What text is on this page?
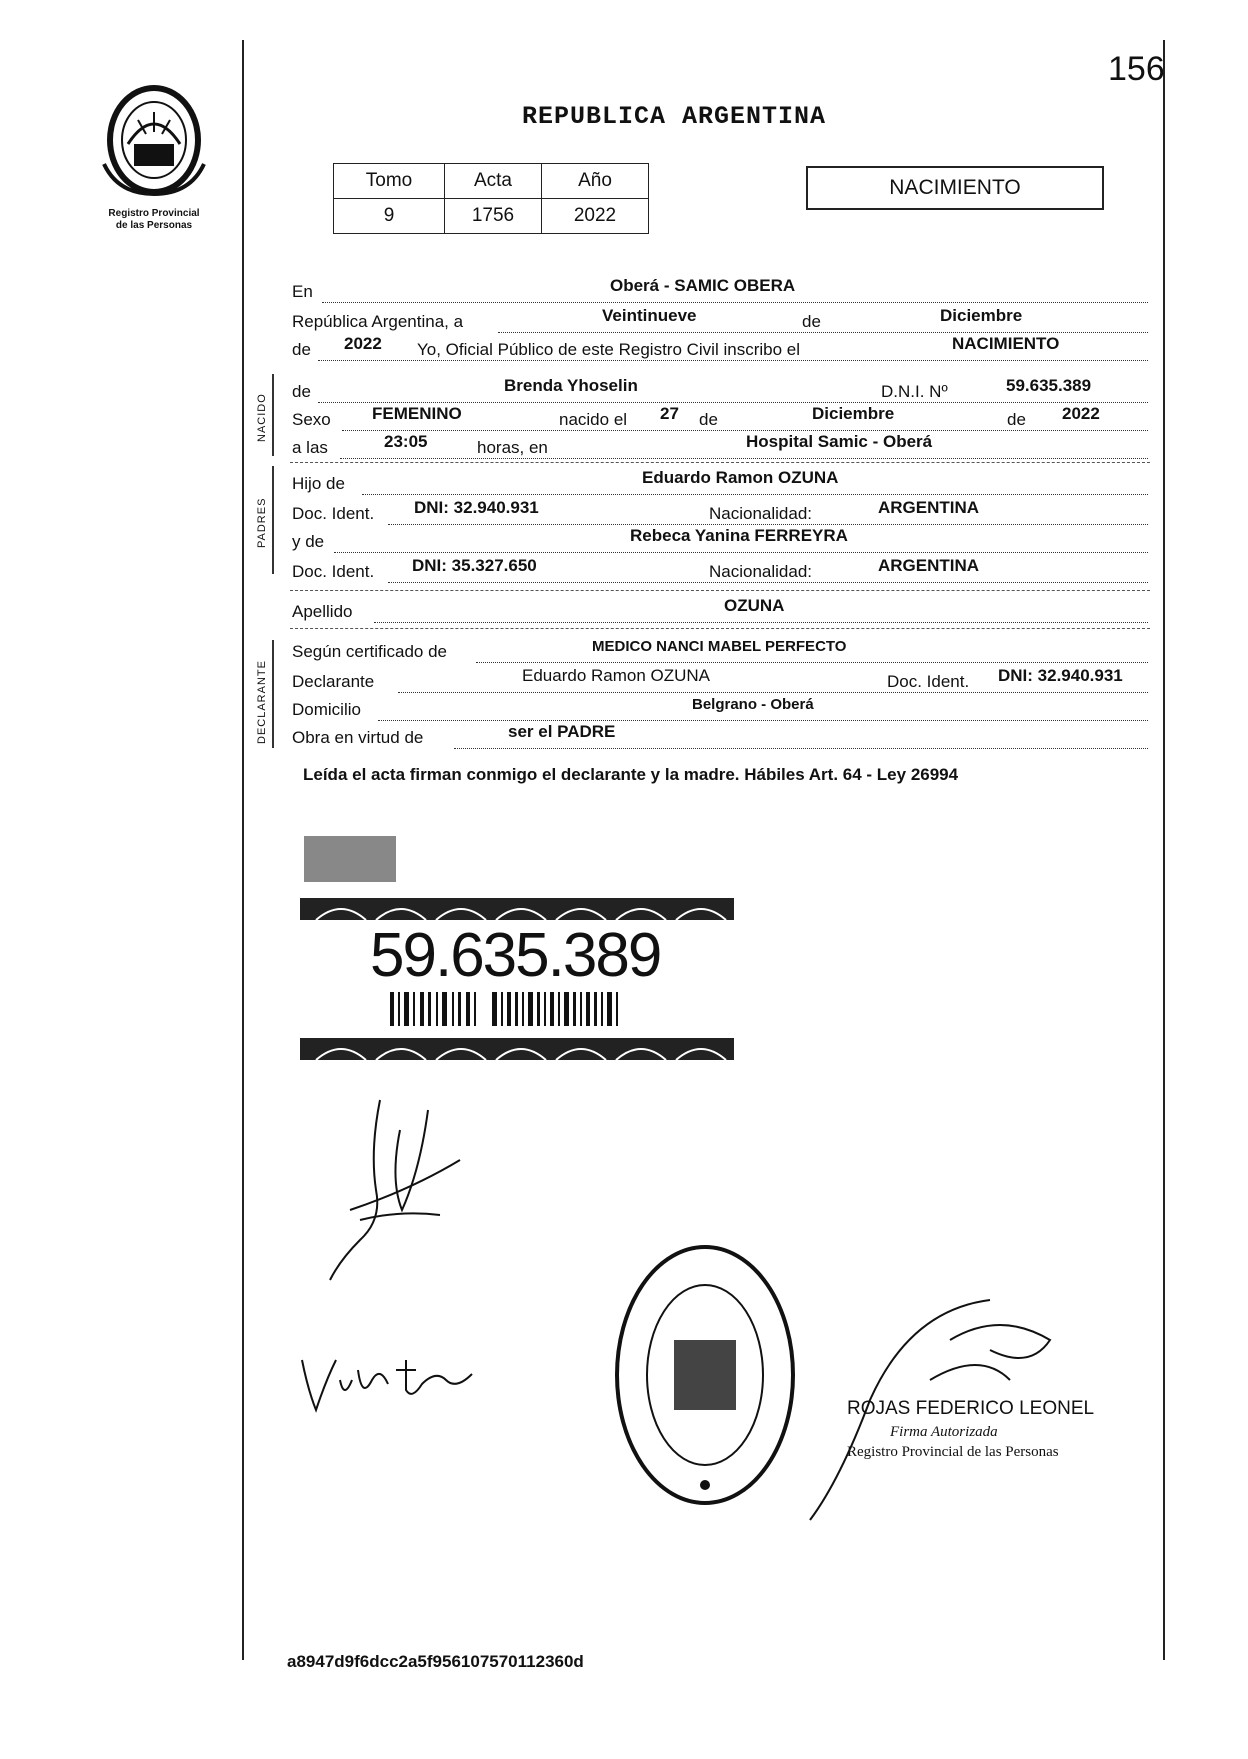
Registro Provincial
de las Personas
156
REPUBLICA ARGENTINA
Tomo	Acta	Año
9	1756	2022
NACIMIENTO
En	Oberá - SAMIC OBERA
República Argentina, a	Veintinueve	de	Diciembre
de 2022 Yo, Oficial Público de este Registro Civil inscribo el	NACIMIENTO
NACIDO
de	Brenda Yhoselin	D.N.I. Nº	59.635.389
Sexo FEMENINO	nacido el 27 de	Diciembre	de 2022
a las	23:05	horas, en	Hospital Samic - Oberá
PADRES
Hijo de	Eduardo Ramon OZUNA
Doc. Ident. DNI: 32.940.931	Nacionalidad:	ARGENTINA
y de	Rebeca Yanina FERREYRA
Doc. Ident. DNI: 35.327.650	Nacionalidad:	ARGENTINA
Apellido	OZUNA
DECLARANTE
Según certificado de	MEDICO NANCI MABEL PERFECTO
Declarante	Eduardo Ramon OZUNA	Doc. Ident. DNI: 32.940.931
Domicilio	Belgrano - Oberá
Obra en virtud de	ser el PADRE
Leída el acta firman conmigo el declarante y la madre. Hábiles Art. 64 - Ley 26994
59.635.389
ROJAS FEDERICO LEONEL
Firma Autorizada
Registro Provincial de las Personas
a8947d9f6dcc2a5f956107570112360d
